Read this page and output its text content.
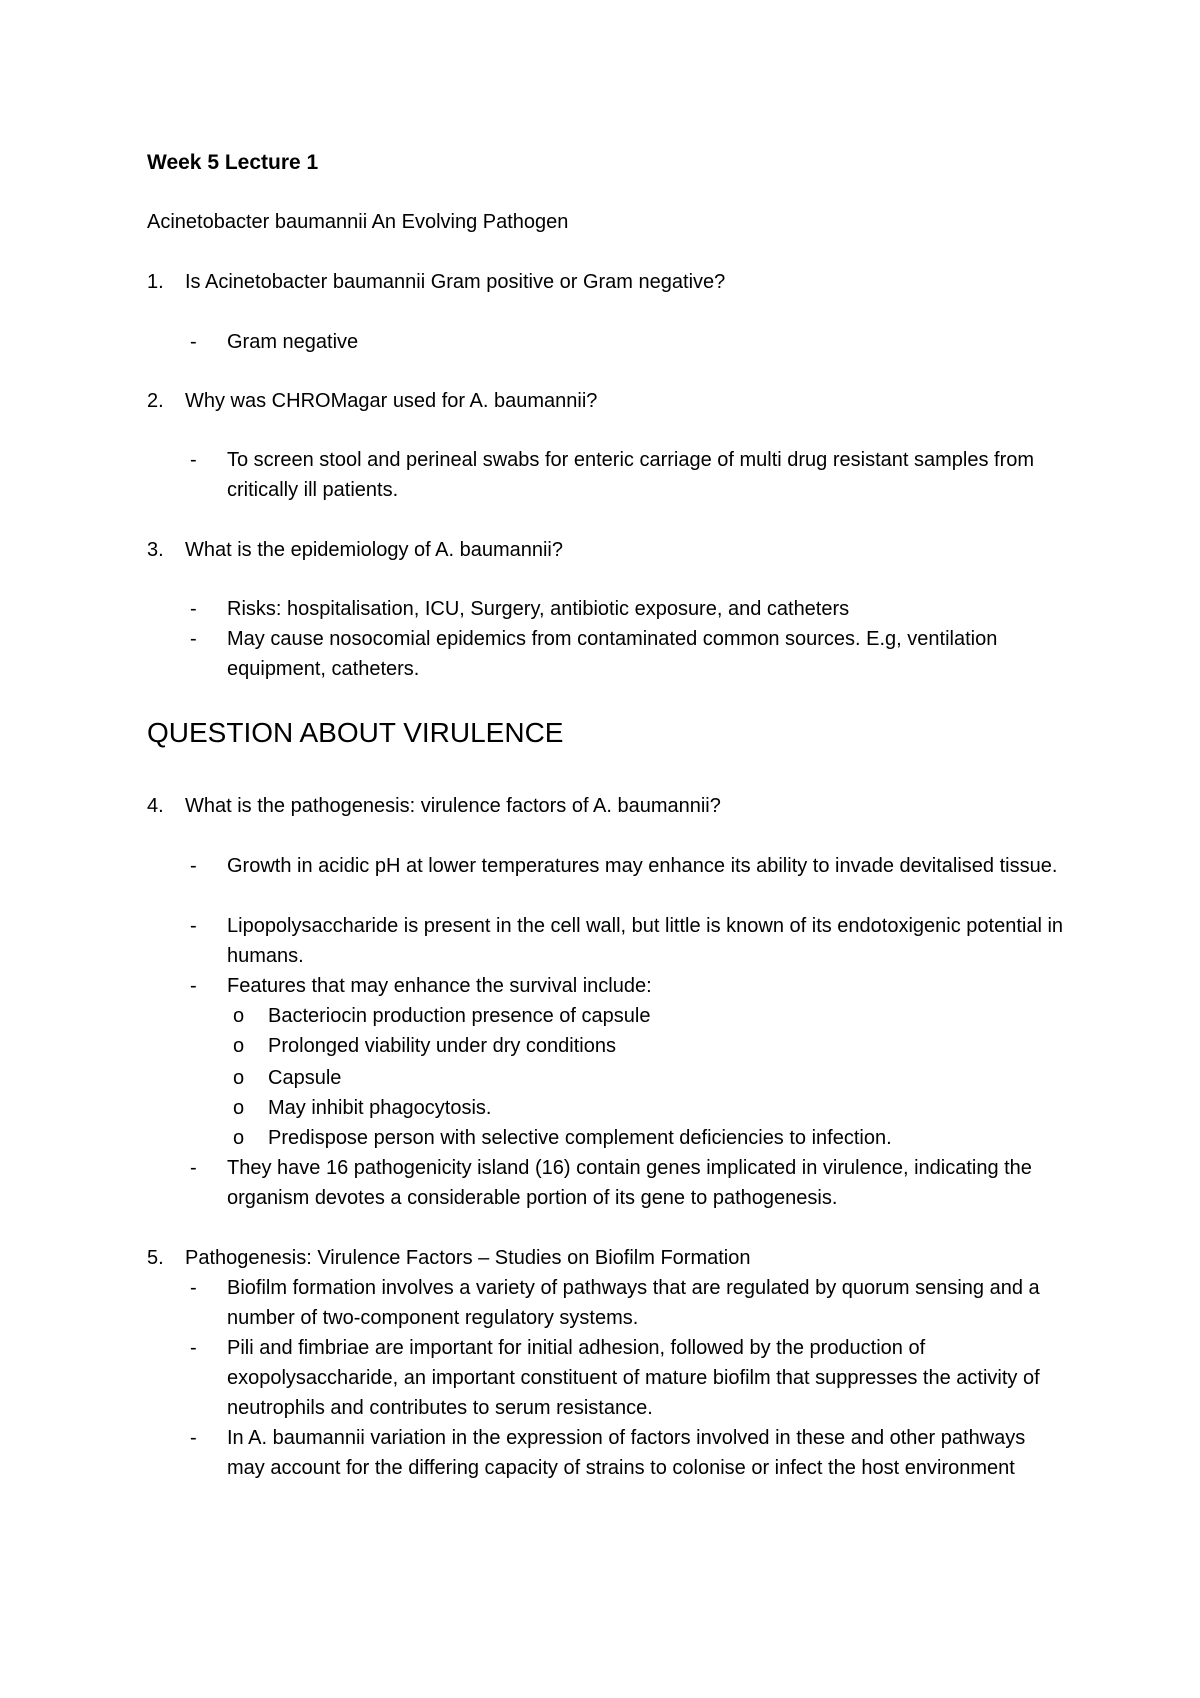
Week 5 Lecture 1
Acinetobacter baumannii An Evolving Pathogen
1. Is Acinetobacter baumannii Gram positive or Gram negative?
- Gram negative
2. Why was CHROMagar used for A. baumannii?
- To screen stool and perineal swabs for enteric carriage of multi drug resistant samples from critically ill patients.
3. What is the epidemiology of A. baumannii?
- Risks: hospitalisation, ICU, Surgery, antibiotic exposure, and catheters
- May cause nosocomial epidemics from contaminated common sources. E.g, ventilation equipment, catheters.
QUESTION ABOUT VIRULENCE
4. What is the pathogenesis: virulence factors of A. baumannii?
- Growth in acidic pH at lower temperatures may enhance its ability to invade devitalised tissue.
- Lipopolysaccharide is present in the cell wall, but little is known of its endotoxigenic potential in humans.
- Features that may enhance the survival include:
o Bacteriocin production presence of capsule
o Prolonged viability under dry conditions
o Capsule
o May inhibit phagocytosis.
o Predispose person with selective complement deficiencies to infection.
- They have 16 pathogenicity island (16) contain genes implicated in virulence, indicating the organism devotes a considerable portion of its gene to pathogenesis.
5. Pathogenesis: Virulence Factors – Studies on Biofilm Formation
- Biofilm formation involves a variety of pathways that are regulated by quorum sensing and a number of two-component regulatory systems.
- Pili and fimbriae are important for initial adhesion, followed by the production of exopolysaccharide, an important constituent of mature biofilm that suppresses the activity of neutrophils and contributes to serum resistance.
- In A. baumannii variation in the expression of factors involved in these and other pathways may account for the differing capacity of strains to colonise or infect the host environment
